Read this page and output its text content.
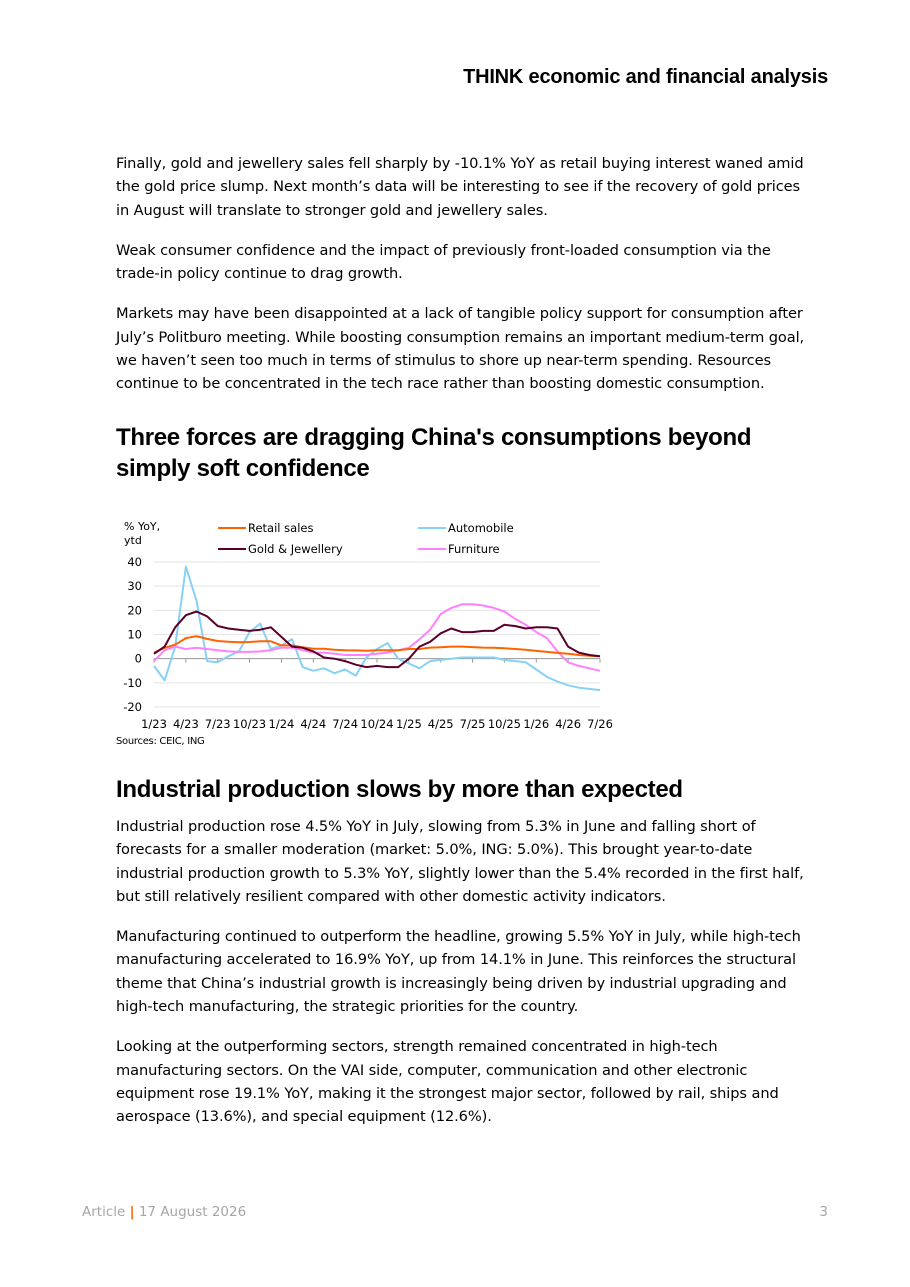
THINK economic and financial analysis

Finally, gold and jewellery sales fell sharply by -10.1% YoY as retail buying interest waned amid the gold price slump. Next month’s data will be interesting to see if the recovery of gold prices in August will translate to stronger gold and jewellery sales.

Weak consumer confidence and the impact of previously front-loaded consumption via the trade-in policy continue to drag growth.

Markets may have been disappointed at a lack of tangible policy support for consumption after July’s Politburo meeting. While boosting consumption remains an important medium-term goal, we haven’t seen too much in terms of stimulus to shore up near-term spending. Resources continue to be concentrated in the tech race rather than boosting domestic consumption.

Three forces are dragging China's consumptions beyond simply soft confidence
-20
-10
0
10
20
30
40
1/23 4/23 7/23 10/23 1/24 4/24 7/24 10/24 1/25 4/25 7/25 10/25 1/26 4/26 7/26
% YoY,
ytd
Retail sales	Automobile
Gold & Jewellery	Furniture
Sources: CEIC, ING
Industrial production slows by more than expected

Industrial production rose 4.5% YoY in July, slowing from 5.3% in June and falling short of forecasts for a smaller moderation (market: 5.0%, ING: 5.0%). This brought year-to-date industrial production growth to 5.3% YoY, slightly lower than the 5.4% recorded in the first half, but still relatively resilient compared with other domestic activity indicators.

Manufacturing continued to outperform the headline, growing 5.5% YoY in July, while high-tech manufacturing accelerated to 16.9% YoY, up from 14.1% in June. This reinforces the structural theme that China’s industrial growth is increasingly being driven by industrial upgrading and high-tech manufacturing, the strategic priorities for the country.

Looking at the outperforming sectors, strength remained concentrated in high-tech manufacturing sectors. On the VAI side, computer, communication and other electronic equipment rose 19.1% YoY, making it the strongest major sector, followed by rail, ships and aerospace (13.6%), and special equipment (12.6%).

Article | 17 August 2026	3
